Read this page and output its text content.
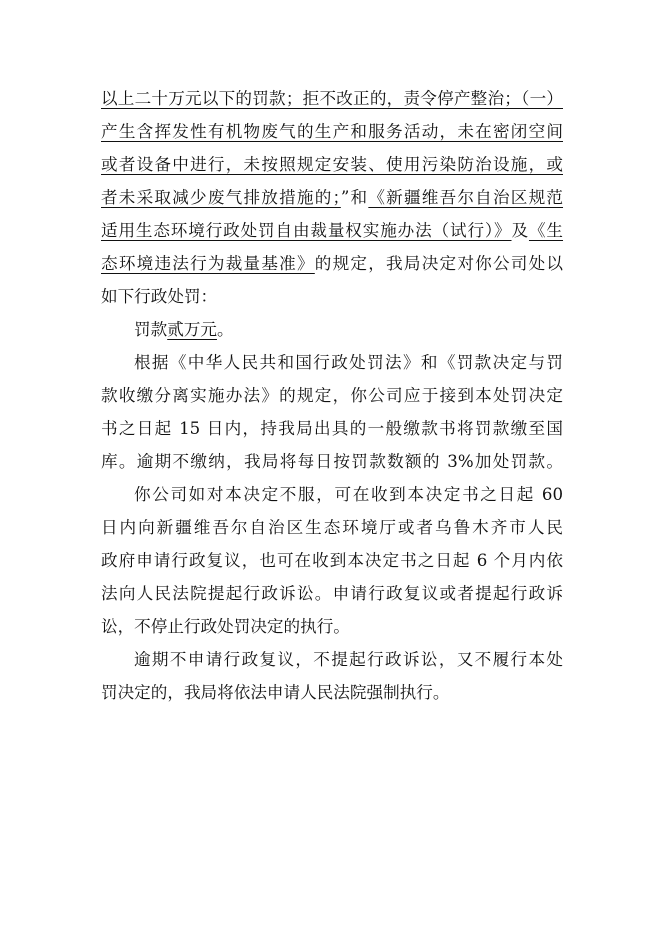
以上二十万元以下的罚款；拒不改正的，责令停产整治；（一）
产生含挥发性有机物废气的生产和服务活动，未在密闭空间
或者设备中进行，未按照规定安装、使用污染防治设施，或
者未采取减少废气排放措施的；”和《新疆维吾尔自治区规范
适用生态环境行政处罚自由裁量权实施办法（试行）》及《生
态环境违法行为裁量基准》的规定，我局决定对你公司处以
如下行政处罚：
罚款贰万元。
根据《中华人民共和国行政处罚法》和《罚款决定与罚
款收缴分离实施办法》的规定，你公司应于接到本处罚决定
书之日起 15 日内，持我局出具的一般缴款书将罚款缴至国
库。逾期不缴纳，我局将每日按罚款数额的 3%加处罚款。
你公司如对本决定不服，可在收到本决定书之日起 60
日内向新疆维吾尔自治区生态环境厅或者乌鲁木齐市人民
政府申请行政复议，也可在收到本决定书之日起 6 个月内依
法向人民法院提起行政诉讼。申请行政复议或者提起行政诉
讼，不停止行政处罚决定的执行。
逾期不申请行政复议，不提起行政诉讼，又不履行本处
罚决定的，我局将依法申请人民法院强制执行。
